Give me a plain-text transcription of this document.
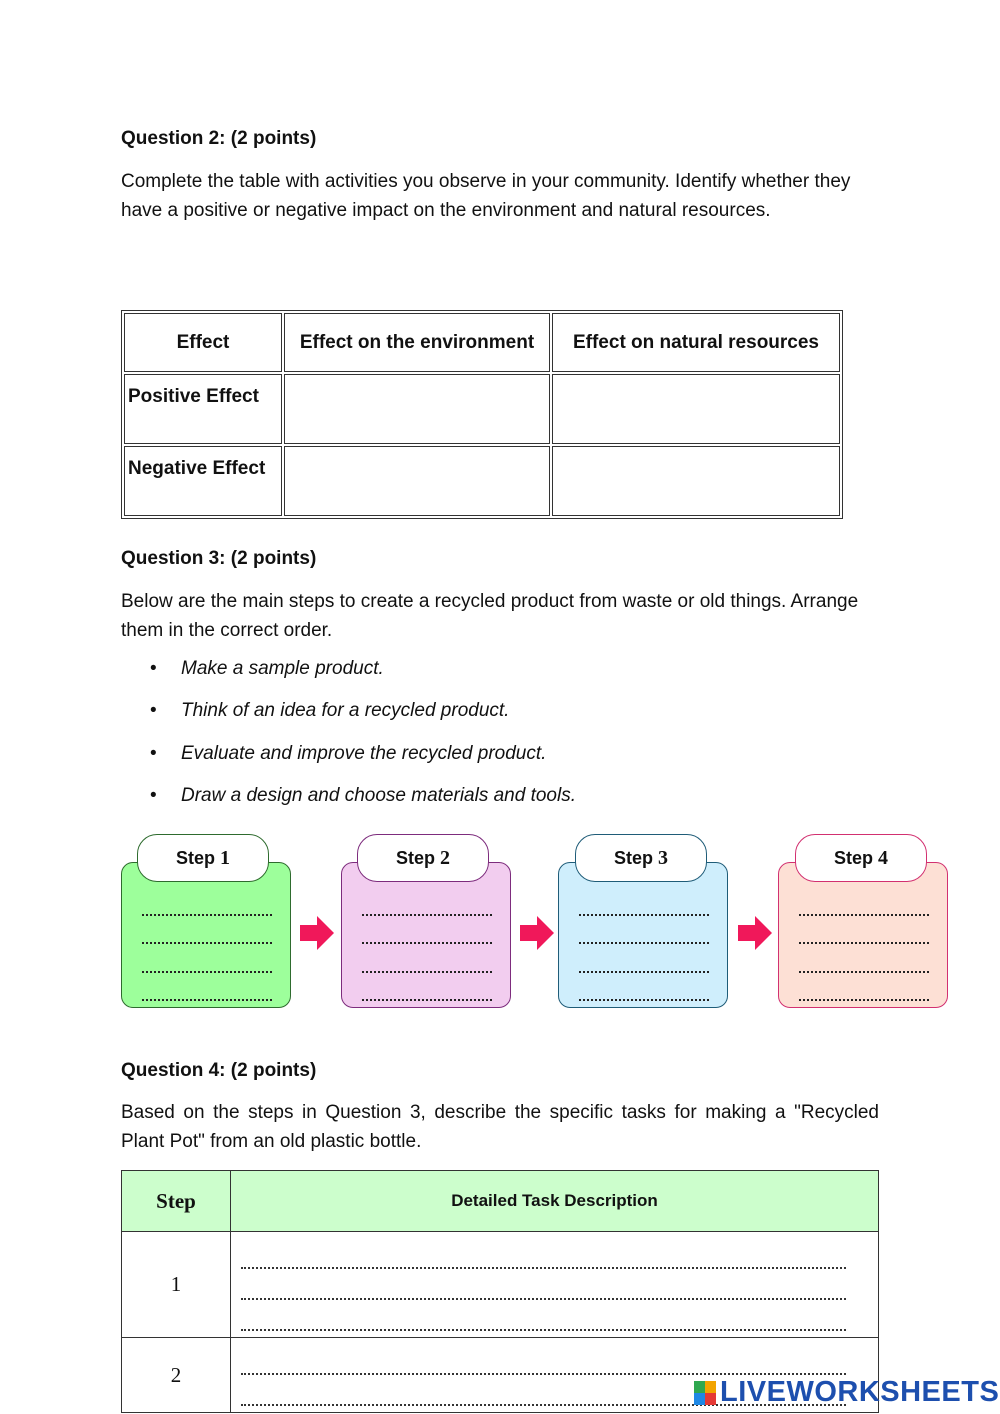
Question 2: (2 points)

Complete the table with activities you observe in your community. Identify whether they have a positive or negative impact on the environment and natural resources.

Effect	Effect on the environment	Effect on natural resources
Positive Effect		
Negative Effect		

Question 3: (2 points)

Below are the main steps to create a recycled product from waste or old things. Arrange them in the correct order.

• Make a sample product.
• Think of an idea for a recycled product.
• Evaluate and improve the recycled product.
• Draw a design and choose materials and tools.
Step 1	Step 2	Step 3	Step 4

Question 4: (2 points)

Based on the steps in Question 3, describe the specific tasks for making a "Recycled Plant Pot" from an old plastic bottle.

Step	Detailed Task Description
1	

2	
LIVEWORKSHEETS
